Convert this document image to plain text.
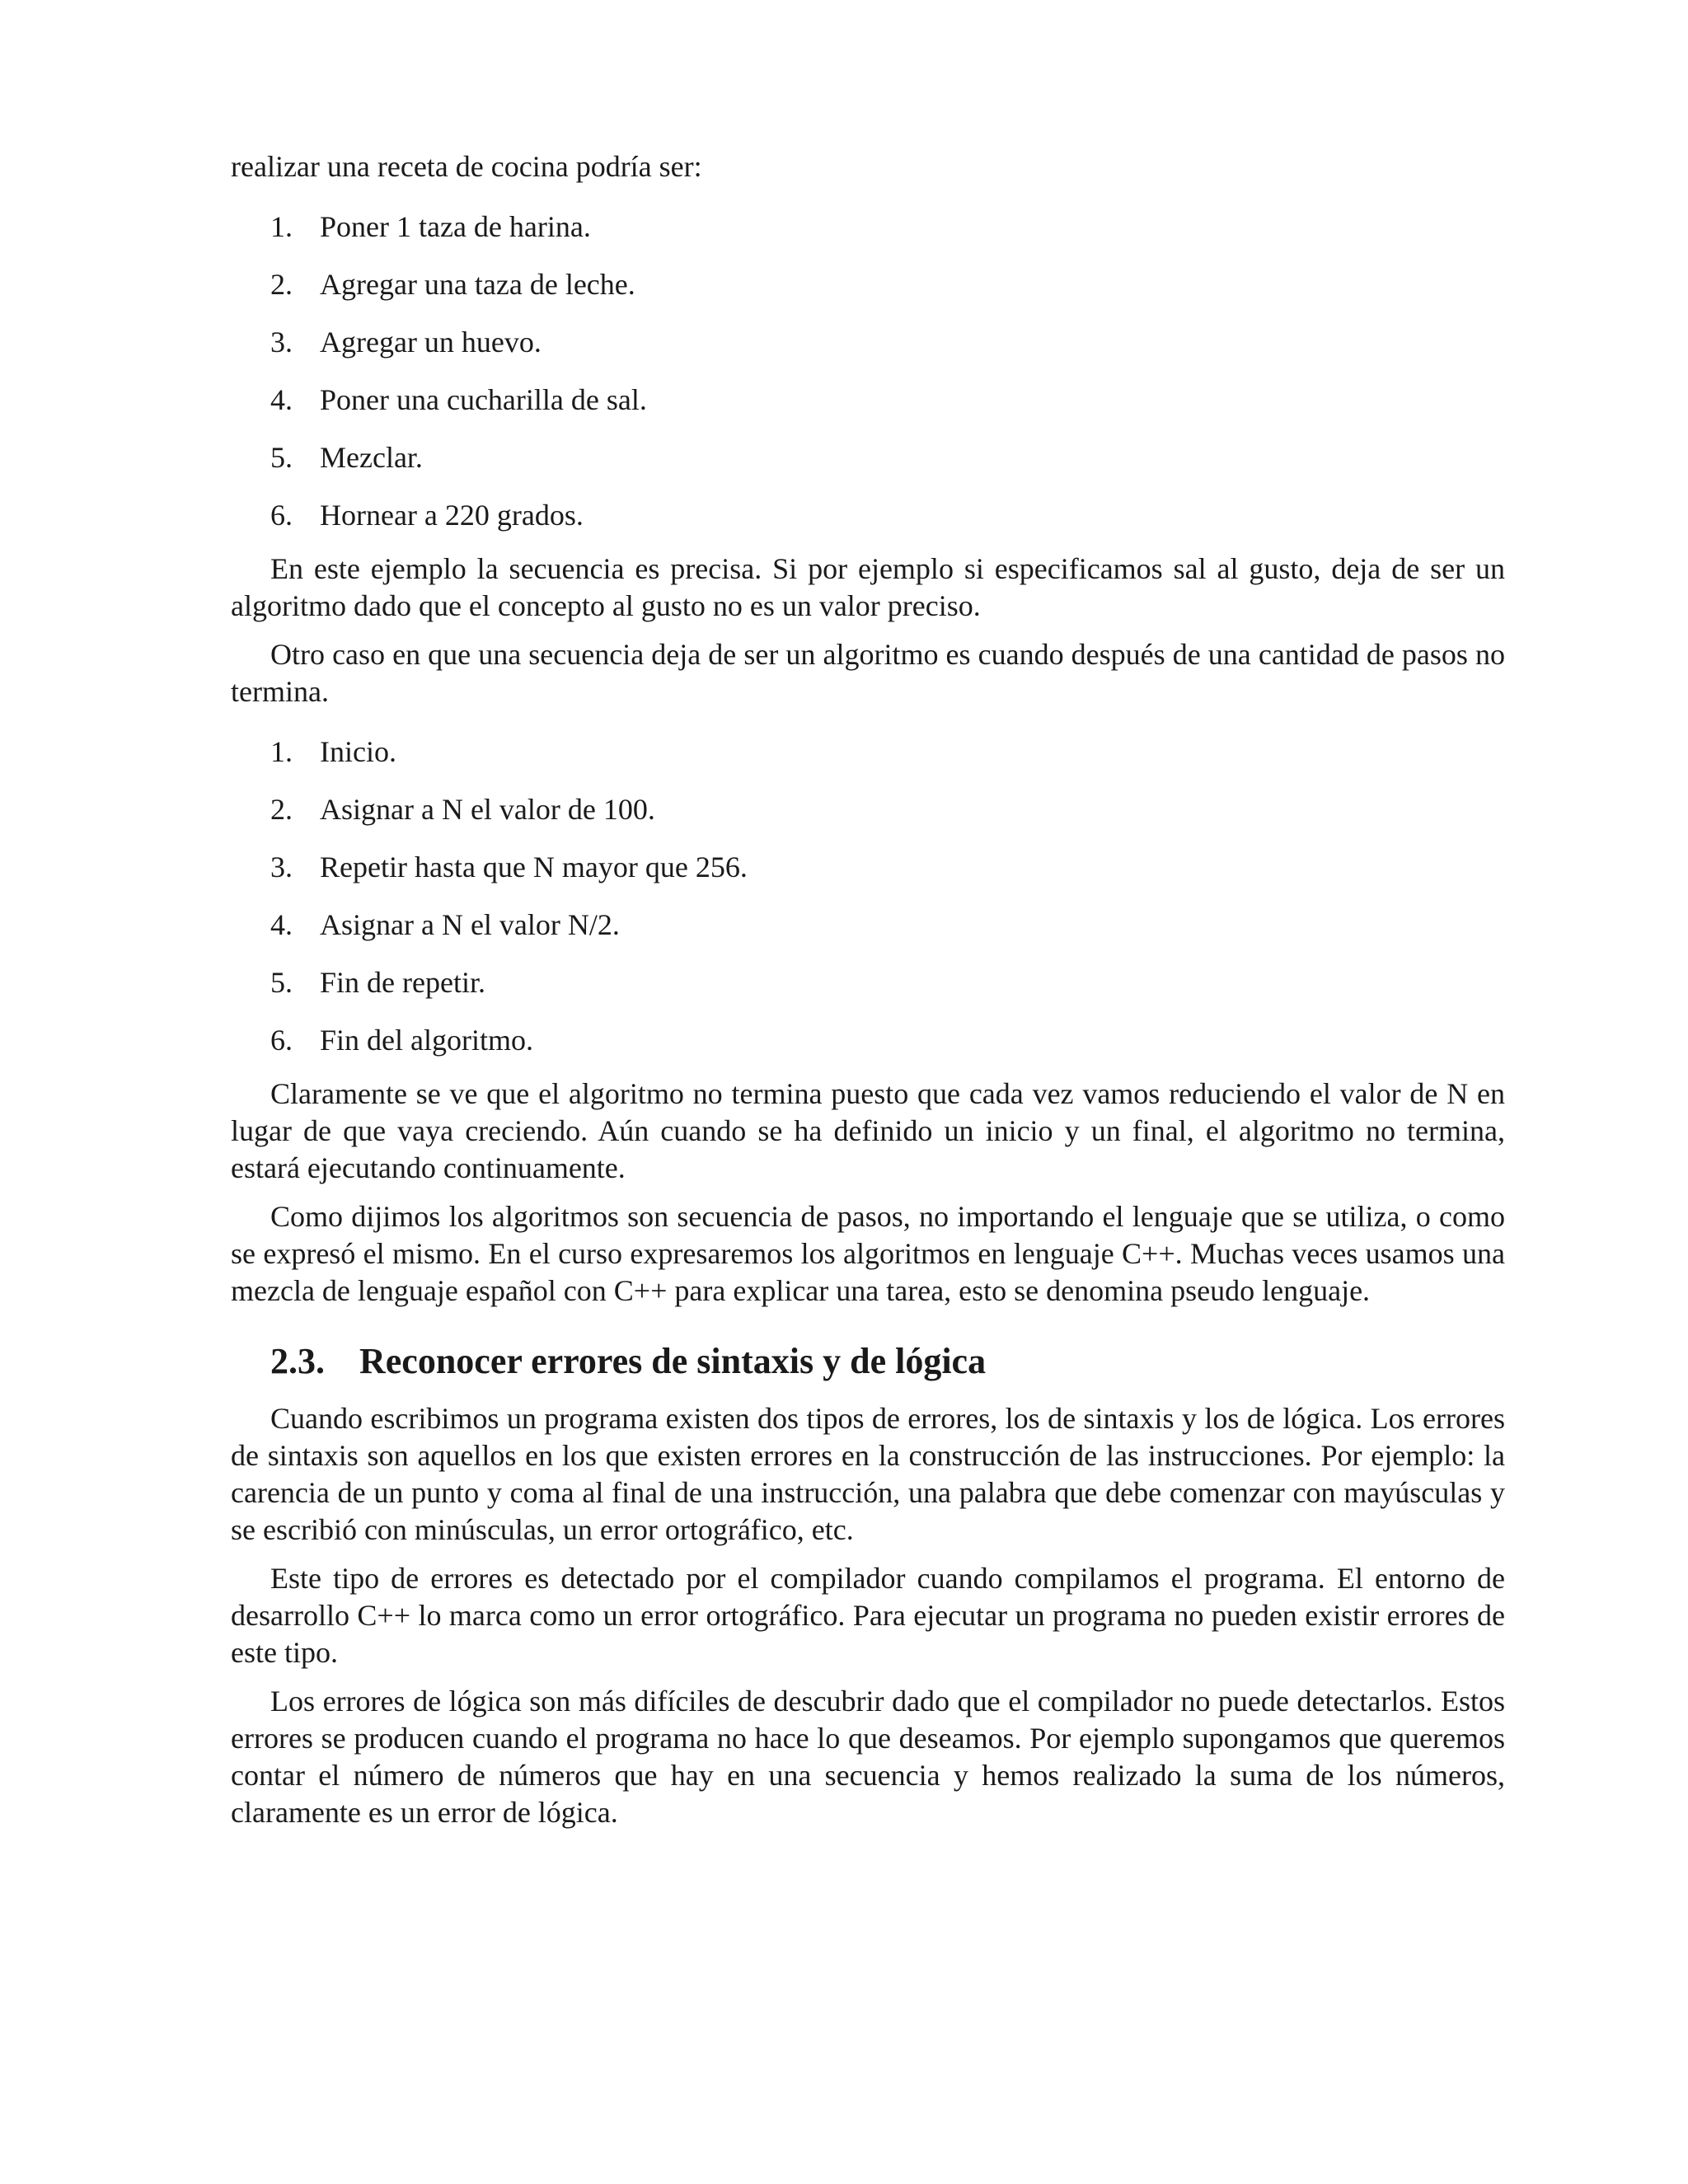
realizar una receta de cocina podría ser:

1. Poner 1 taza de harina.
2. Agregar una taza de leche.
3. Agregar un huevo.
4. Poner una cucharilla de sal.
5. Mezclar.
6. Hornear a 220 grados.

En este ejemplo la secuencia es precisa. Si por ejemplo si especificamos sal al gusto, deja de ser un algoritmo dado que el concepto al gusto no es un valor preciso.

Otro caso en que una secuencia deja de ser un algoritmo es cuando después de una cantidad de pasos no termina.

1. Inicio.
2. Asignar a N el valor de 100.
3. Repetir hasta que N mayor que 256.
4. Asignar a N el valor N/2.
5. Fin de repetir.
6. Fin del algoritmo.

Claramente se ve que el algoritmo no termina puesto que cada vez vamos reduciendo el valor de N en lugar de que vaya creciendo. Aún cuando se ha definido un inicio y un final, el algoritmo no termina, estará ejecutando continuamente.

Como dijimos los algoritmos son secuencia de pasos, no importando el lenguaje que se utiliza, o como se expresó el mismo. En el curso expresaremos los algoritmos en lenguaje C++. Muchas veces usamos una mezcla de lenguaje español con C++ para explicar una tarea, esto se denomina pseudo lenguaje.

2.3. Reconocer errores de sintaxis y de lógica

Cuando escribimos un programa existen dos tipos de errores, los de sintaxis y los de lógica. Los errores de sintaxis son aquellos en los que existen errores en la construcción de las instrucciones. Por ejemplo: la carencia de un punto y coma al final de una instrucción, una palabra que debe comenzar con mayúsculas y se escribió con minúsculas, un error ortográfico, etc.

Este tipo de errores es detectado por el compilador cuando compilamos el programa. El entorno de desarrollo C++ lo marca como un error ortográfico. Para ejecutar un programa no pueden existir errores de este tipo.

Los errores de lógica son más difíciles de descubrir dado que el compilador no puede detectarlos. Estos errores se producen cuando el programa no hace lo que deseamos. Por ejemplo supongamos que queremos contar el número de números que hay en una secuencia y hemos realizado la suma de los números, claramente es un error de lógica.
